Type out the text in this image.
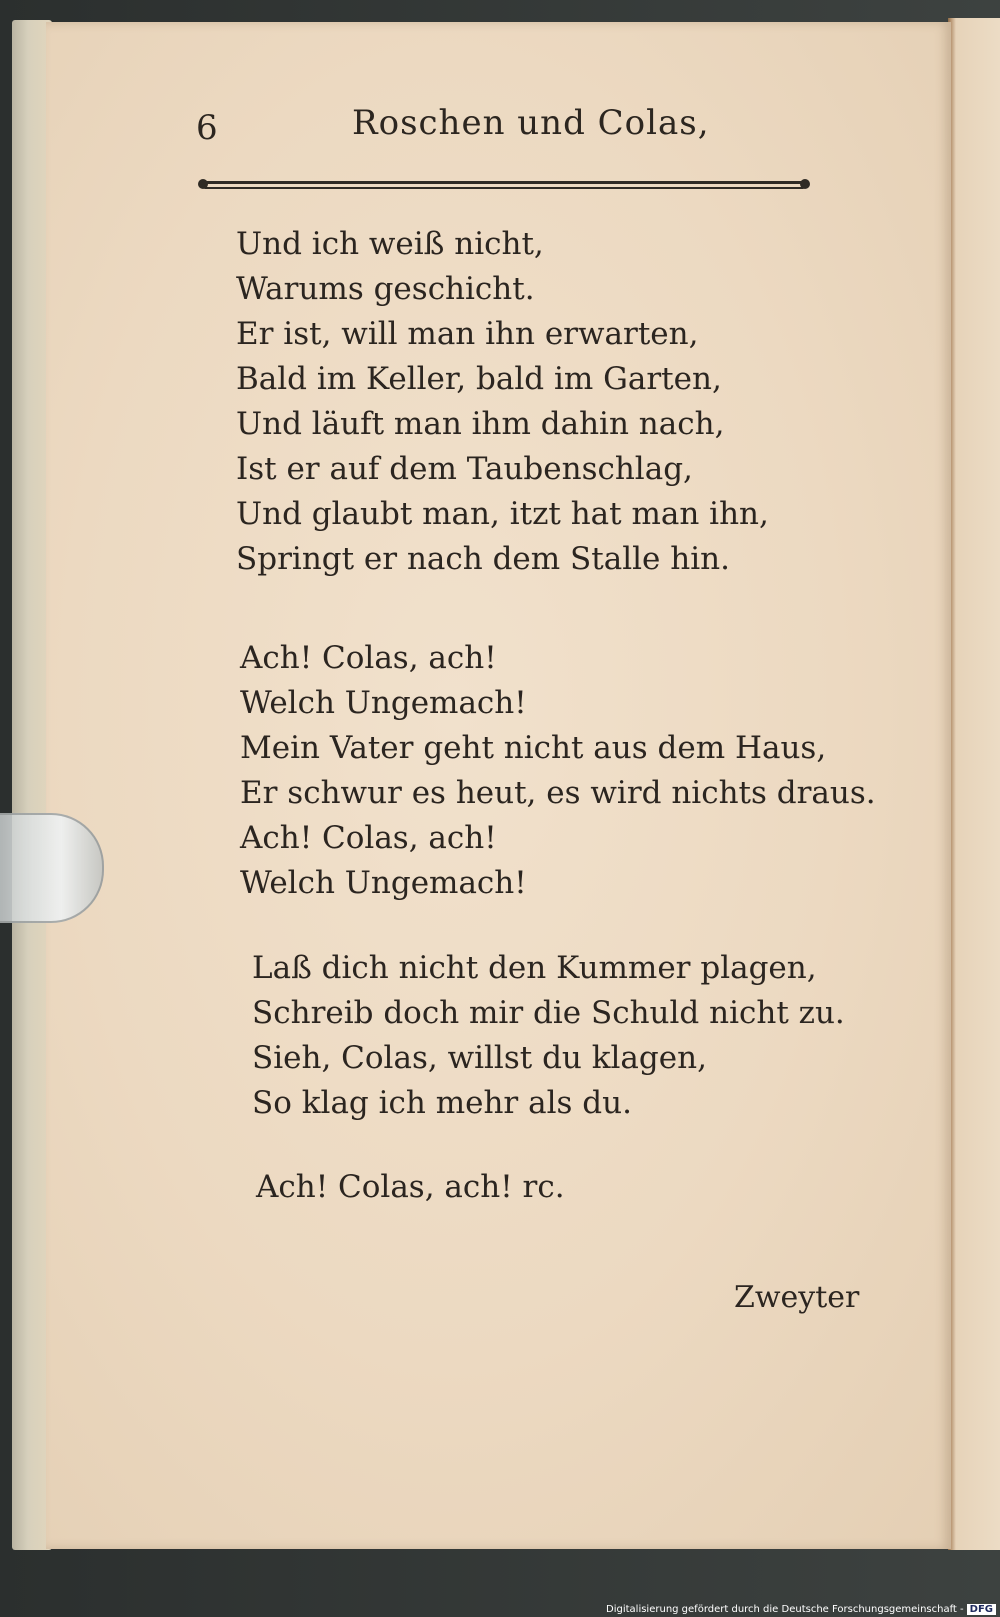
6	Roschen und Colas,
Und ich weiß nicht,
Warums geschicht.
Er ist, will man ihn erwarten,
Bald im Keller, bald im Garten,
Und läuft man ihm dahin nach,
Ist er auf dem Taubenschlag,
Und glaubt man, itzt hat man ihn,
Springt er nach dem Stalle hin.
Ach! Colas, ach!
Welch Ungemach!
Mein Vater geht nicht aus dem Haus,
Er schwur es heut, es wird nichts draus.
Ach! Colas, ach!
Welch Ungemach!
Laß dich nicht den Kummer plagen,
Schreib doch mir die Schuld nicht zu.
Sieh, Colas, willst du klagen,
So klag ich mehr als du.
Ach! Colas, ach! rc.
Zweyter
Digitalisierung gefördert durch die Deutsche Forschungsgemeinschaft - DFG
